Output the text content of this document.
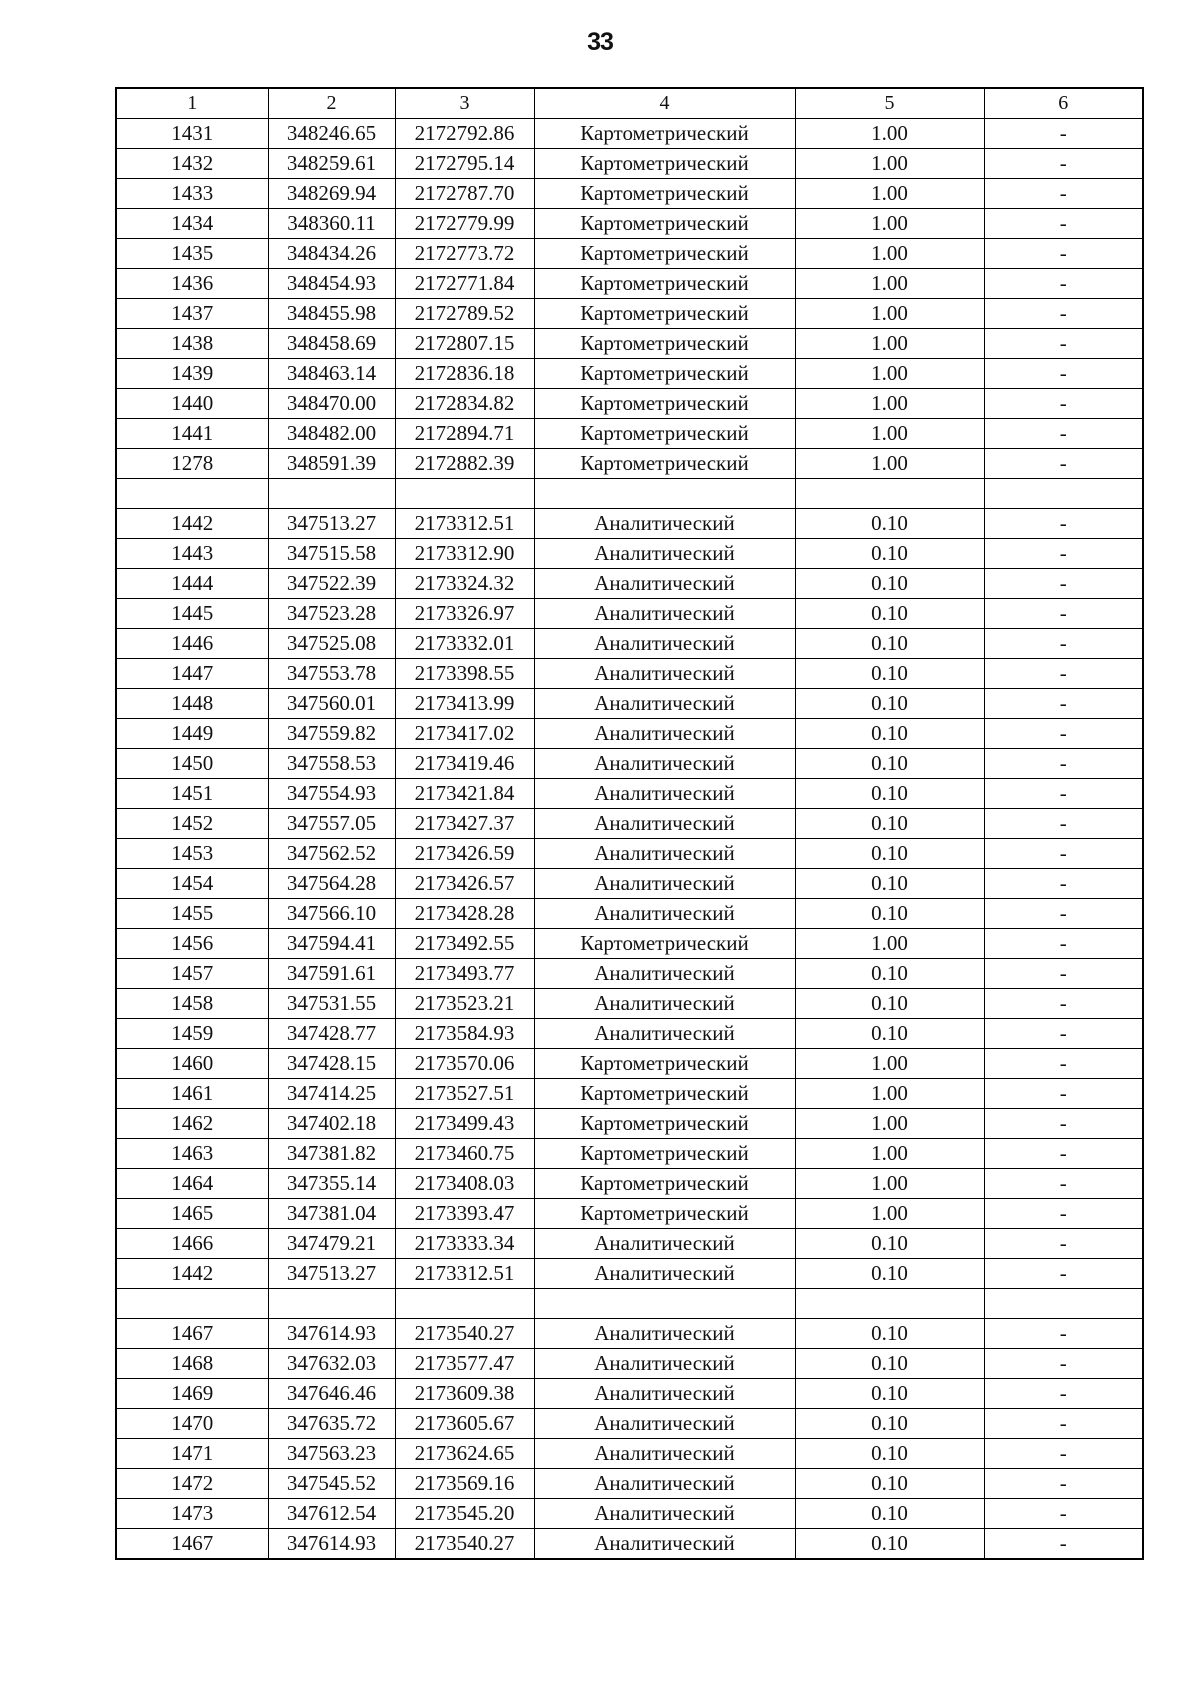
33
1	2	3	4	5	6
1431	348246.65	2172792.86	Картометрический	1.00	-
1432	348259.61	2172795.14	Картометрический	1.00	-
1433	348269.94	2172787.70	Картометрический	1.00	-
1434	348360.11	2172779.99	Картометрический	1.00	-
1435	348434.26	2172773.72	Картометрический	1.00	-
1436	348454.93	2172771.84	Картометрический	1.00	-
1437	348455.98	2172789.52	Картометрический	1.00	-
1438	348458.69	2172807.15	Картометрический	1.00	-
1439	348463.14	2172836.18	Картометрический	1.00	-
1440	348470.00	2172834.82	Картометрический	1.00	-
1441	348482.00	2172894.71	Картометрический	1.00	-
1278	348591.39	2172882.39	Картометрический	1.00	-

1442	347513.27	2173312.51	Аналитический	0.10	-
1443	347515.58	2173312.90	Аналитический	0.10	-
1444	347522.39	2173324.32	Аналитический	0.10	-
1445	347523.28	2173326.97	Аналитический	0.10	-
1446	347525.08	2173332.01	Аналитический	0.10	-
1447	347553.78	2173398.55	Аналитический	0.10	-
1448	347560.01	2173413.99	Аналитический	0.10	-
1449	347559.82	2173417.02	Аналитический	0.10	-
1450	347558.53	2173419.46	Аналитический	0.10	-
1451	347554.93	2173421.84	Аналитический	0.10	-
1452	347557.05	2173427.37	Аналитический	0.10	-
1453	347562.52	2173426.59	Аналитический	0.10	-
1454	347564.28	2173426.57	Аналитический	0.10	-
1455	347566.10	2173428.28	Аналитический	0.10	-
1456	347594.41	2173492.55	Картометрический	1.00	-
1457	347591.61	2173493.77	Аналитический	0.10	-
1458	347531.55	2173523.21	Аналитический	0.10	-
1459	347428.77	2173584.93	Аналитический	0.10	-
1460	347428.15	2173570.06	Картометрический	1.00	-
1461	347414.25	2173527.51	Картометрический	1.00	-
1462	347402.18	2173499.43	Картометрический	1.00	-
1463	347381.82	2173460.75	Картометрический	1.00	-
1464	347355.14	2173408.03	Картометрический	1.00	-
1465	347381.04	2173393.47	Картометрический	1.00	-
1466	347479.21	2173333.34	Аналитический	0.10	-
1442	347513.27	2173312.51	Аналитический	0.10	-

1467	347614.93	2173540.27	Аналитический	0.10	-
1468	347632.03	2173577.47	Аналитический	0.10	-
1469	347646.46	2173609.38	Аналитический	0.10	-
1470	347635.72	2173605.67	Аналитический	0.10	-
1471	347563.23	2173624.65	Аналитический	0.10	-
1472	347545.52	2173569.16	Аналитический	0.10	-
1473	347612.54	2173545.20	Аналитический	0.10	-
1467	347614.93	2173540.27	Аналитический	0.10	-
